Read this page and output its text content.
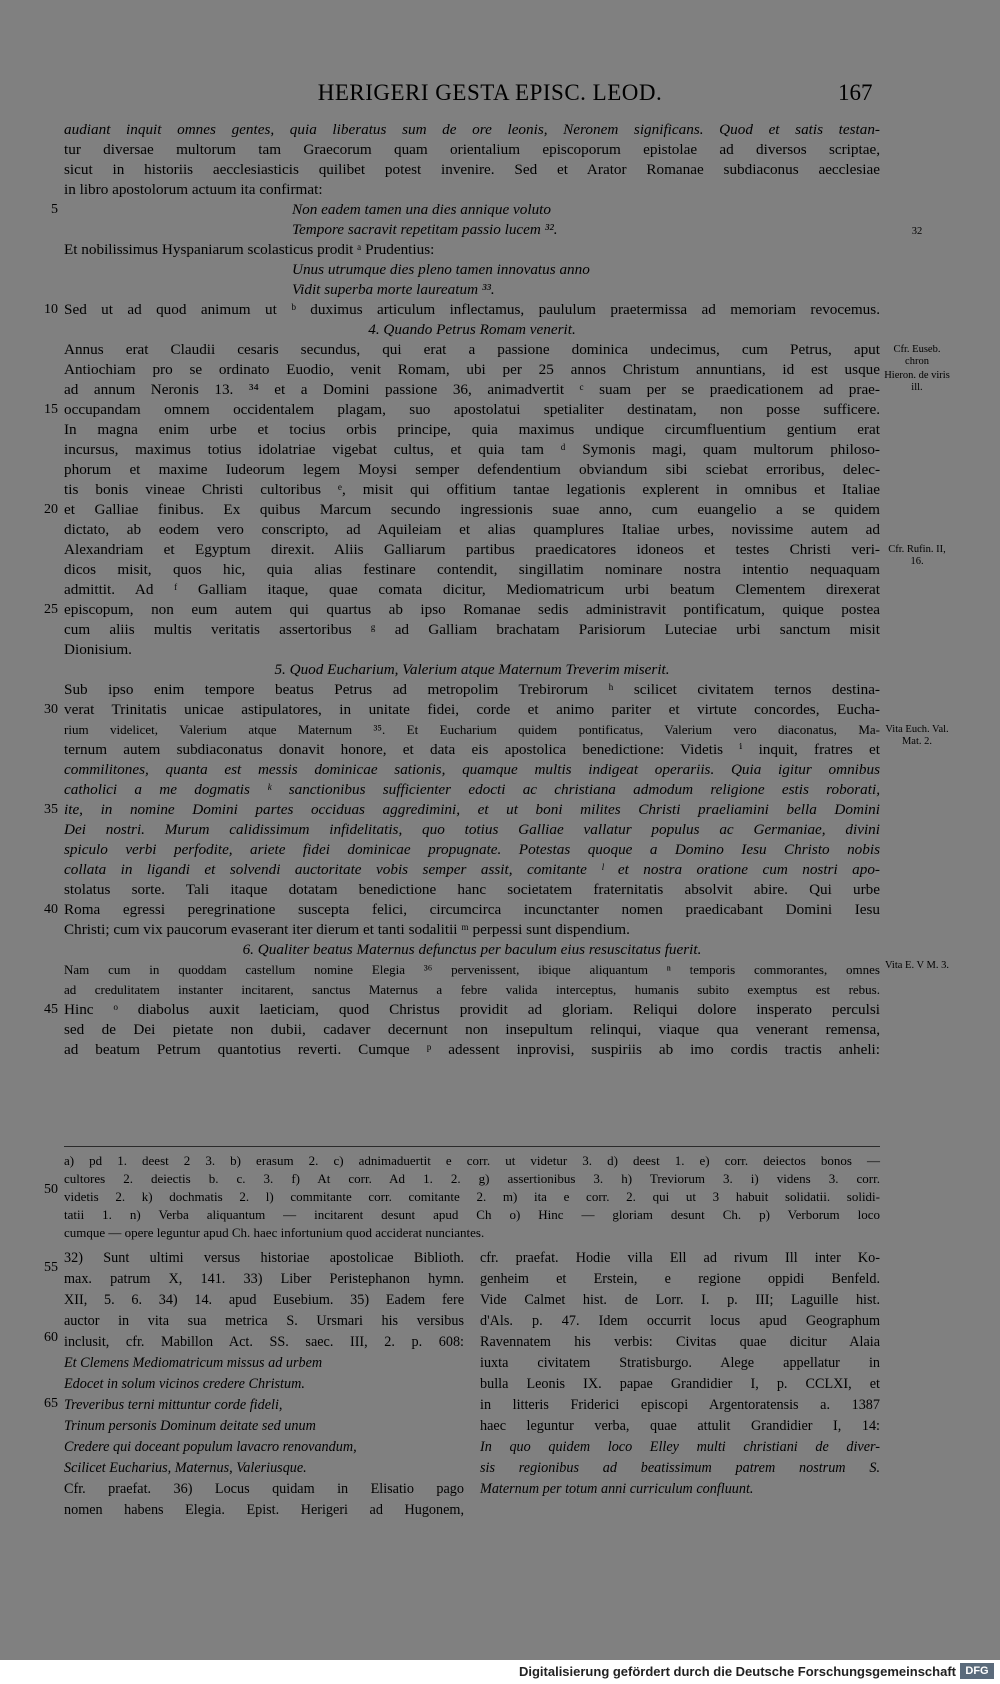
HERIGERI GESTA EPISC. LEOD.	167
audiant inquit omnes gentes, quia liberatus sum de ore leonis, Neronem significans. Quod et satis testan-
tur diversae multorum tam Graecorum quam orientalium episcoporum epistolae ad diversos scriptae,
sicut in historiis aecclesiasticis quilibet potest invenire. Sed et Arator Romanae subdiaconus aecclesiae
in libro apostolorum actuum ita confirmat:
Non eadem tamen una dies annique voluto
Tempore sacravit repetitam passio lucem ³².
Et nobilissimus Hyspaniarum scolasticus prodit ᵃ Prudentius:
Unus utrumque dies pleno tamen innovatus anno
Vidit superba morte laureatum ³³.
Sed ut ad quod animum ut ᵇ duximus articulum inflectamus, paululum praetermissa ad memoriam revocemus.
4. Quando Petrus Romam venerit.
Annus erat Claudii cesaris secundus, qui erat a passione dominica undecimus, cum Petrus, aput
Antiochiam pro se ordinato Euodio, venit Romam, ubi per 25 annos Christum annuntians, id est usque
ad annum Neronis 13. ³⁴ et a Domini passione 36, animadvertit ᶜ suam per se praedicationem ad prae-
occupandam omnem occidentalem plagam, suo apostolatui spetialiter destinatam, non posse sufficere.
In magna enim urbe et tocius orbis principe, quia maximus undique circumfluentium gentium erat
incursus, maximus totius idolatriae vigebat cultus, et quia tam ᵈ Symonis magi, quam multorum philoso-
phorum et maxime Iudeorum legem Moysi semper defendentium obviandum sibi sciebat erroribus, delec-
tis bonis vineae Christi cultoribus ᵉ, misit qui offitium tantae legationis explerent in omnibus et Italiae
et Galliae finibus. Ex quibus Marcum secundo ingressionis suae anno, cum euangelio a se quidem
dictato, ab eodem vero conscripto, ad Aquileiam et alias quamplures Italiae urbes, novissime autem ad
Alexandriam et Egyptum direxit. Aliis Galliarum partibus praedicatores idoneos et testes Christi veri-
dicos misit, quos hic, quia alias festinare contendit, singillatim nominare nostra intentio nequaquam
admittit. Ad ᶠ Galliam itaque, quae comata dicitur, Mediomatricum urbi beatum Clementem direxerat
episcopum, non eum autem qui quartus ab ipso Romanae sedis administravit pontificatum, quique postea
cum aliis multis veritatis assertoribus ᵍ ad Galliam brachatam Parisiorum Luteciae urbi sanctum misit
Dionisium.
5. Quod Eucharium, Valerium atque Maternum Treverim miserit.
Sub ipso enim tempore beatus Petrus ad metropolim Trebirorum ʰ scilicet civitatem ternos destina-
verat Trinitatis unicae astipulatores, in unitate fidei, corde et animo pariter et virtute concordes, Eucha-
rium videlicet, Valerium atque Maternum ³⁵. Et Eucharium quidem pontificatus, Valerium vero diaconatus, Ma-
ternum autem subdiaconatus donavit honore, et data eis apostolica benedictione: Videtis ⁱ inquit, fratres et
commilitones, quanta est messis dominicae sationis, quamque multis indigeat operariis. Quia igitur omnibus
catholici a me dogmatis ᵏ sanctionibus sufficienter edocti ac christiana admodum religione estis roborati,
ite, in nomine Domini partes occiduas aggredimini, et ut boni milites Christi praeliamini bella Domini
Dei nostri. Murum calidissimum infidelitatis, quo totius Galliae vallatur populus ac Germaniae, divini
spiculo verbi perfodite, ariete fidei dominicae propugnate. Potestas quoque a Domino Iesu Christo nobis
collata in ligandi et solvendi auctoritate vobis semper assit, comitante ˡ et nostra oratione cum nostri apo-
stolatus sorte. Tali itaque dotatam benedictione hanc societatem fraternitatis absolvit abire. Qui urbe
Roma egressi peregrinatione suscepta felici, circumcirca incunctanter nomen praedicabant Domini Iesu
Christi; cum vix paucorum evaserant iter dierum et tanti sodalitii ᵐ perpessi sunt dispendium.
6. Qualiter beatus Maternus defunctus per baculum eius resuscitatus fuerit.
Nam cum in quoddam castellum nomine Elegia ³⁶ pervenissent, ibique aliquantum ⁿ temporis commorantes, omnes
ad credulitatem instanter incitarent, sanctus Maternus a febre valida interceptus, humanis subito exemptus est rebus.
Hinc ᵒ diabolus auxit laeticiam, quod Christus providit ad gloriam. Reliqui dolore insperato perculsi
sed de Dei pietate non dubii, cadaver decernunt non insepultum relinqui, viaque qua venerant remensa,
ad beatum Petrum quantotius reverti. Cumque ᵖ adessent inprovisi, suspiriis ab imo cordis tractis anheli:
5
10
15
20
25
30
35
40
45
50
55
60
65
32
Cfr. Euseb. chron
Hieron. de viris ill.
Cfr. Rufin. II, 16.
Vita Euch. Val. Mat. 2.
Vita E. V M. 3.
a) pd 1. deest 2 3. b) erasum 2. c) adnimaduertit e corr. ut videtur 3. d) deest 1. e) corr. deiectos bonos —
cultores 2. deiectis b. c. 3. f) At corr. Ad 1. 2. g) assertionibus 3. h) Treviorum 3. i) videns 3. corr.
videtis 2. k) dochmatis 2. l) commitante corr. comitante 2. m) ita e corr. 2. qui ut 3 habuit solidatii. solidi-
tatii 1. n) Verba aliquantum — incitarent desunt apud Ch o) Hinc — gloriam desunt Ch. p) Verborum loco
cumque — opere leguntur apud Ch. haec infortunium quod acciderat nunciantes.
32) Sunt ultimi versus historiae apostolicae Biblioth.
max. patrum X, 141. 33) Liber Peristephanon hymn.
XII, 5. 6. 34) 14. apud Eusebium. 35) Eadem fere
auctor in vita sua metrica S. Ursmari his versibus
inclusit, cfr. Mabillon Act. SS. saec. III, 2. p. 608:
Et Clemens Mediomatricum missus ad urbem
Edocet in solum vicinos credere Christum.
Treveribus terni mittuntur corde fideli,
Trinum personis Dominum deitate sed unum
Credere qui doceant populum lavacro renovandum,
Scilicet Eucharius, Maternus, Valeriusque.
Cfr. praefat. 36) Locus quidam in Elisatio pago
nomen habens Elegia. Epist. Herigeri ad Hugonem,
cfr. praefat. Hodie villa Ell ad rivum Ill inter Ko-
genheim et Erstein, e regione oppidi Benfeld.
Vide Calmet hist. de Lorr. I. p. III; Laguille hist.
d'Als. p. 47. Idem occurrit locus apud Geographum
Ravennatem his verbis: Civitas quae dicitur Alaia
iuxta civitatem Stratisburgo. Alege appellatur in
bulla Leonis IX. papae Grandidier I, p. CCLXI, et
in litteris Friderici episcopi Argentoratensis a. 1387
haec leguntur verba, quae attulit Grandidier I, 14:
In quo quidem loco Elley multi christiani de diver-
sis regionibus ad beatissimum patrem nostrum S.
Maternum per totum anni curriculum confluunt.
Digitalisierung gefördert durch die Deutsche Forschungsgemeinschaft DFG
